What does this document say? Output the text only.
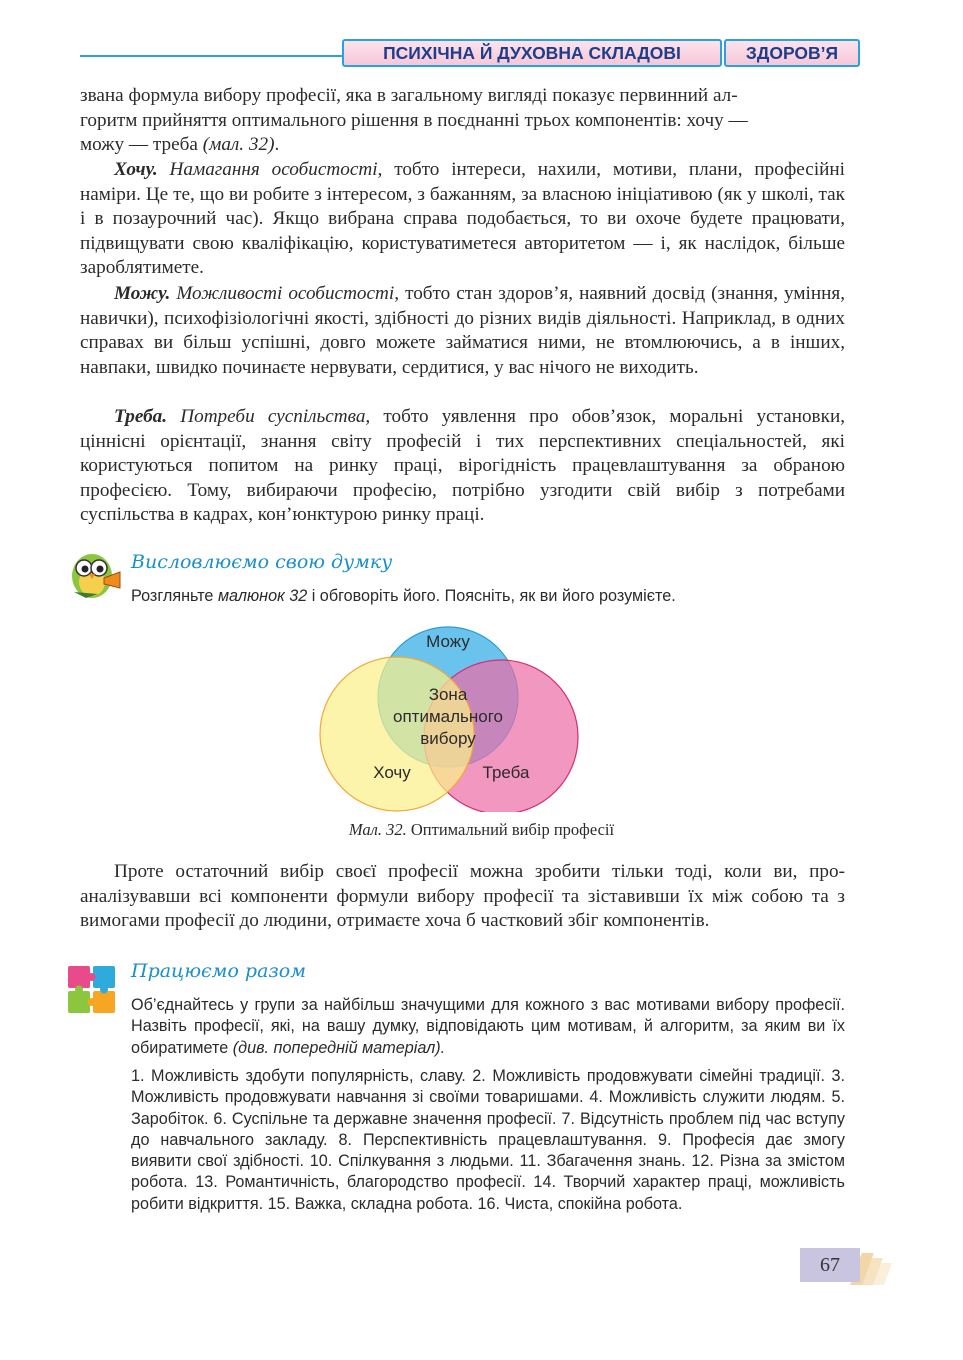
ПСИХІЧНА Й ДУХОВНА СКЛАДОВІ	ЗДОРОВ’Я

звана формула вибору професії, яка в загальному вигляді показує первинний ал-
горитм прийняття оптимального рішення в поєднанні трьох компонентів: хочу —
можу — треба (мал. 32).

Хочу. Намагання особистості, тобто інтереси, нахили, мотиви, плани, професійні наміри. Це те, що ви робите з інтересом, з бажанням, за власною ініціативою (як у школі, так і в позаурочний час). Якщо вибрана справа подобається, то ви охоче будете працювати, підвищувати свою кваліфікацію, користуватиметеся авторитетом — і, як наслідок, більше зароблятимете.

Можу. Можливості особистості, тобто стан здоров’я, наявний досвід (знання, уміння, навички), психофізіологічні якості, здібності до різних видів діяльності. Наприклад, в одних справах ви більш успішні, довго можете займатися ними, не втомлюючись, а в інших, навпаки, швидко починаєте нервувати, сердитися, у вас нічого не виходить.

Треба. Потреби суспільства, тобто уявлення про обов’язок, моральні установки, ціннісні орієнтації, знання світу професій і тих перспективних спеціальностей, які користуються попитом на ринку праці, вірогідність працевлаштування за обраною професією. Тому, вибираючи професію, потрібно узгодити свій вибір з потребами суспільства в кадрах, кон’юнктурою ринку праці.

Висловлюємо свою думку

Розгляньте малюнок 32 і обговоріть його. Поясніть, як ви його розумієте.

Можу
Зона
оптимального
вибору
Хочу	Треба
Мал. 32. Оптимальний вибір професії

Проте остаточний вибір своєї професії можна зробити тільки тоді, коли ви, проаналізувавши всі компоненти формули вибору професії та зіставивши їх між собою та з вимогами професії до людини, отримаєте хоча б частковий збіг компонентів.

Працюємо разом

Об’єднайтесь у групи за найбільш значущими для кожного з вас мотивами вибору професії. Назвіть професії, які, на вашу думку, відповідають цим мотивам, й алгоритм, за яким ви їх обиратимете (див. попередній матеріал).

1. Можливість здобути популярність, славу. 2. Можливість продовжувати сімейні традиції. 3. Можливість продовжувати навчання зі своїми товаришами. 4. Можливість служити людям. 5. Заробіток. 6. Суспільне та державне значення професії. 7. Відсутність проблем під час вступу до навчального закладу. 8. Перспективність працевлаштування. 9. Професія дає змогу виявити свої здібності. 10. Спілкування з людьми. 11. Збагачення знань. 12. Різна за змістом робота. 13. Романтичність, благородство професії. 14. Творчий характер праці, можливість робити відкриття. 15. Важка, складна робота. 16. Чиста, спокійна робота.

67
